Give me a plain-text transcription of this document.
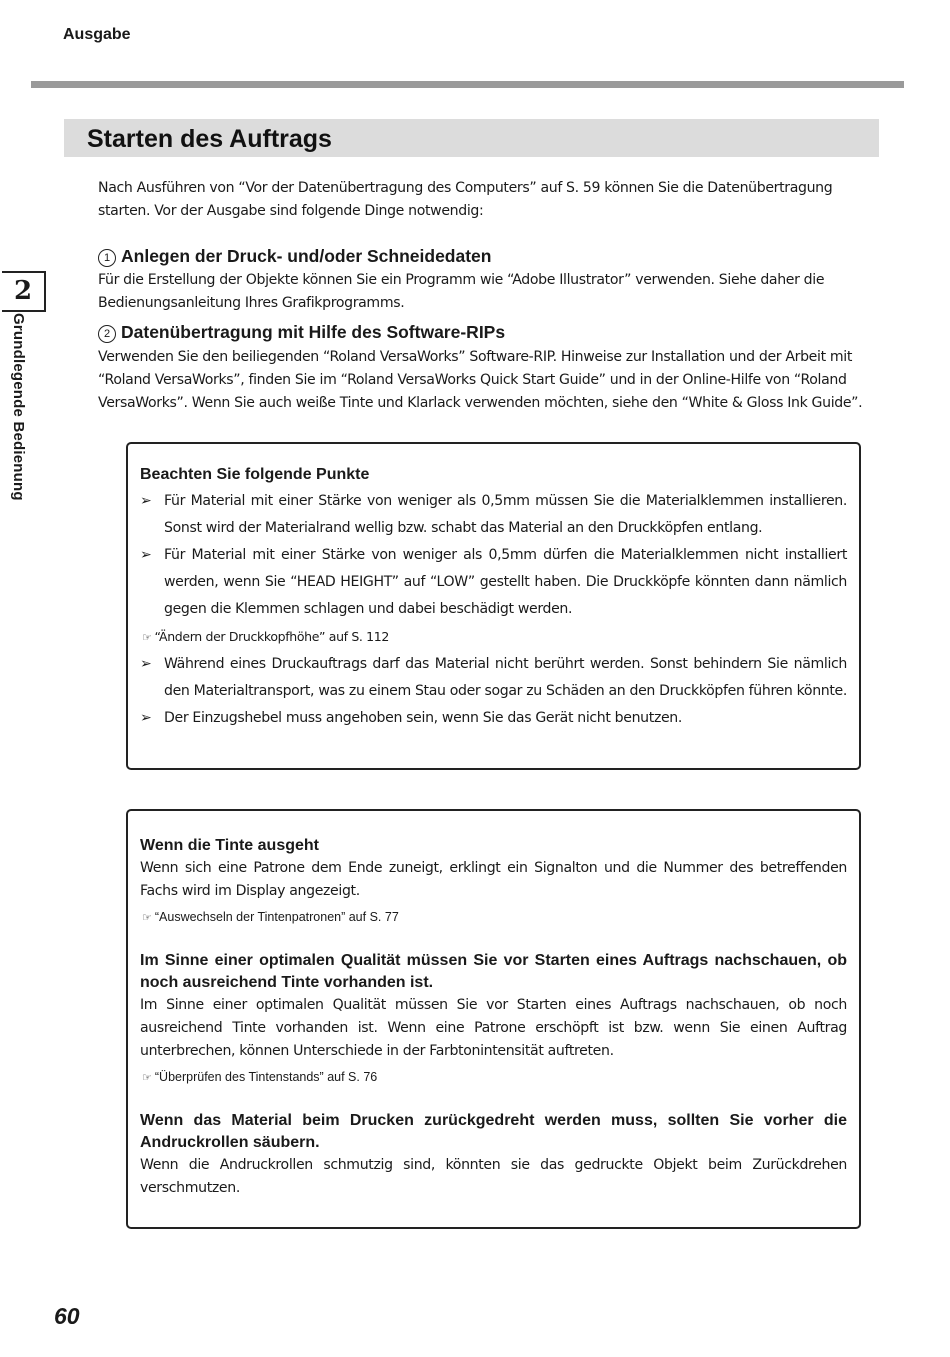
Ausgabe
Starten des Auftrags

Nach Ausführen von “Vor der Datenübertragung des Computers” auf S. 59 können Sie die Datenübertragung starten. Vor der Ausgabe sind folgende Dinge notwendig:

1 Anlegen der Druck- und/oder Schneidedaten

Für die Erstellung der Objekte können Sie ein Programm wie “Adobe Illustrator” verwenden. Siehe daher die Bedienungsanleitung Ihres Grafikprogramms.

2 Datenübertragung mit Hilfe des Software-RIPs

Verwenden Sie den beiliegenden “Roland VersaWorks” Software-RIP. Hinweise zur Installation und der Arbeit mit “Roland VersaWorks”, finden Sie im “Roland VersaWorks Quick Start Guide” und in der Online-Hilfe von “Roland VersaWorks”. Wenn Sie auch weiße Tinte und Klarlack verwenden möchten, siehe den “White & Gloss Ink Guide”.

2
Grundlegende Bedienung	Beachten Sie folgende Punkte
➢ Für Material mit einer Stärke von weniger als 0,5mm müssen Sie die Materialklemmen installieren. Sonst wird der Materialrand wellig bzw. schabt das Material an den Druckköpfen entlang.
➢ Für Material mit einer Stärke von weniger als 0,5mm dürfen die Materialklemmen nicht installiert werden, wenn Sie “HEAD HEIGHT” auf “LOW” gestellt haben. Die Druckköpfe könnten dann nämlich gegen die Klemmen schlagen und dabei beschädigt werden.
☞ “Ändern der Druckkopfhöhe” auf S. 112
➢ Während eines Druckauftrags darf das Material nicht berührt werden. Sonst behindern Sie nämlich den Materialtransport, was zu einem Stau oder sogar zu Schäden an den Druckköpfen führen könnte.
➢ Der Einzugshebel muss angehoben sein, wenn Sie das Gerät nicht benutzen.
Wenn die Tinte ausgeht

Wenn sich eine Patrone dem Ende zuneigt, erklingt ein Signalton und die Nummer des betreffenden Fachs wird im Display angezeigt.

☞ “Auswechseln der Tintenpatronen” auf S. 77
Im Sinne einer optimalen Qualität müssen Sie vor Starten eines Auftrags nachschauen, ob noch ausreichend Tinte vorhanden ist.

Im Sinne einer optimalen Qualität müssen Sie vor Starten eines Auftrags nachschauen, ob noch ausreichend Tinte vorhanden ist. Wenn eine Patrone erschöpft ist bzw. wenn Sie einen Auftrag unterbrechen, können Unterschiede in der Farbtonintensität auftreten.

☞ “Überprüfen des Tintenstands” auf S. 76
Wenn das Material beim Drucken zurückgedreht werden muss, sollten Sie vorher die Andruckrollen säubern.

Wenn die Andruckrollen schmutzig sind, könnten sie das gedruckte Objekt beim Zurückdrehen verschmutzen.

60
